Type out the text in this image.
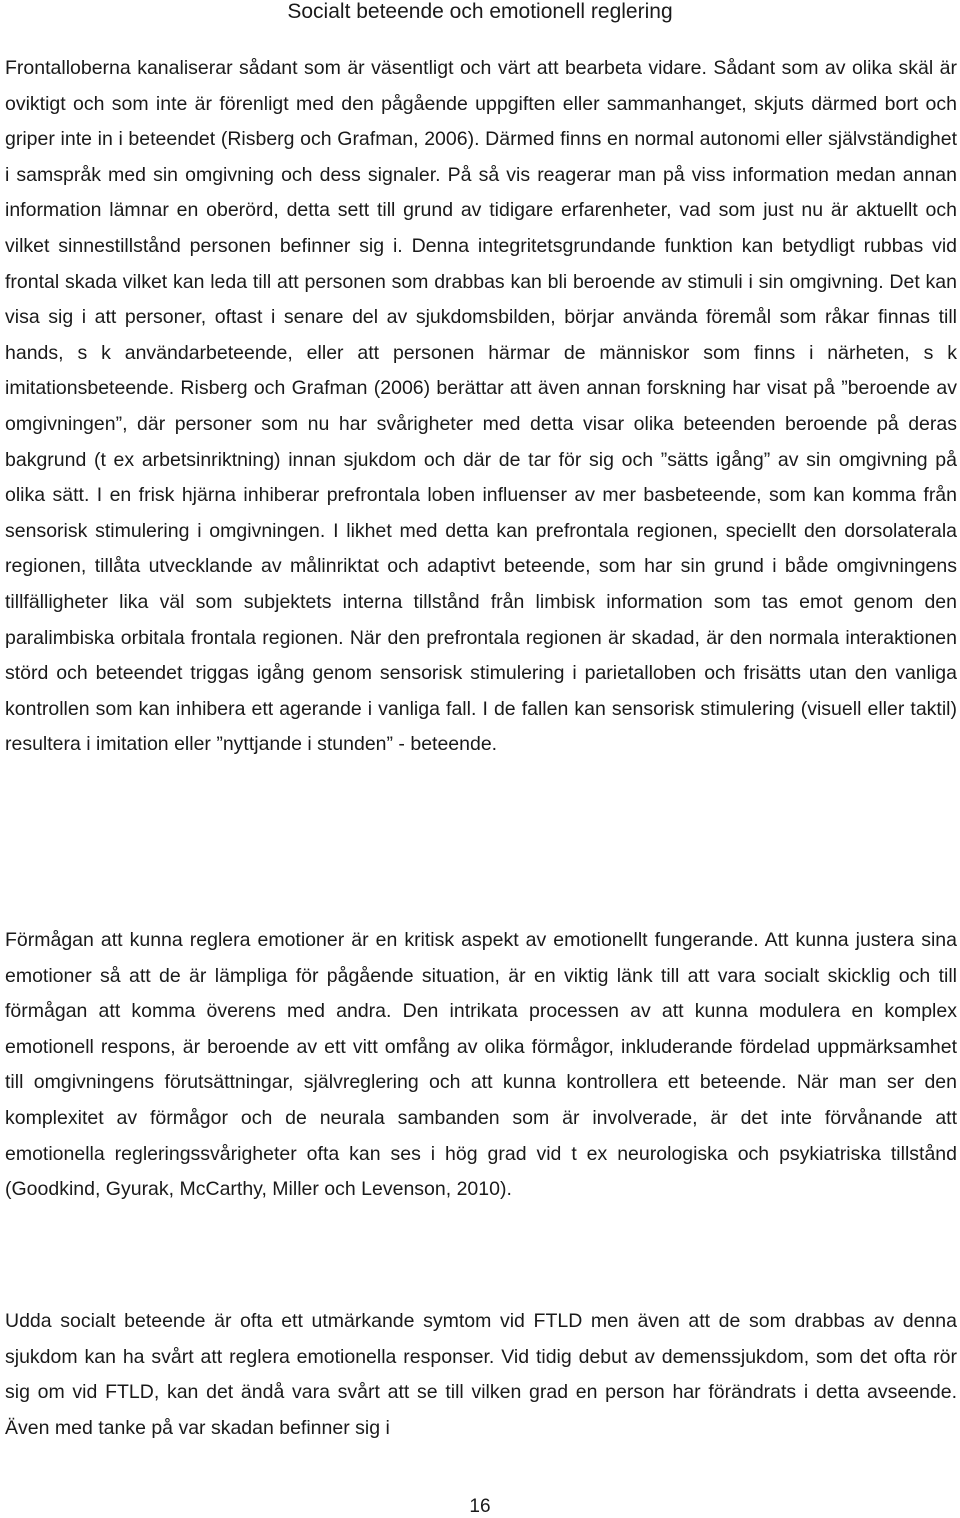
Socialt beteende och emotionell reglering

Frontalloberna kanaliserar sådant som är väsentligt och värt att bearbeta vidare. Sådant som av olika skäl är oviktigt och som inte är förenligt med den pågående uppgiften eller sammanhanget, skjuts därmed bort och griper inte in i beteendet (Risberg och Grafman, 2006). Därmed finns en normal autonomi eller självständighet i samspråk med sin omgivning och dess signaler. På så vis reagerar man på viss information medan annan information lämnar en oberörd, detta sett till grund av tidigare erfarenheter, vad som just nu är aktuellt och vilket sinnestillstånd personen befinner sig i. Denna integritetsgrundande funktion kan betydligt rubbas vid frontal skada vilket kan leda till att personen som drabbas kan bli beroende av stimuli i sin omgivning. Det kan visa sig i att personer, oftast i senare del av sjukdomsbilden, börjar använda föremål som råkar finnas till hands, s k användarbeteende, eller att personen härmar de människor som finns i närheten, s k imitationsbeteende. Risberg och Grafman (2006) berättar att även annan forskning har visat på ”beroende av omgivningen”, där personer som nu har svårigheter med detta visar olika beteenden beroende på deras bakgrund (t ex arbetsinriktning) innan sjukdom och där de tar för sig och ”sätts igång” av sin omgivning på olika sätt. I en frisk hjärna inhiberar prefrontala loben influenser av mer basbeteende, som kan komma från sensorisk stimulering i omgivningen. I likhet med detta kan prefrontala regionen, speciellt den dorsolaterala regionen, tillåta utvecklande av målinriktat och adaptivt beteende, som har sin grund i både omgivningens tillfälligheter lika väl som subjektets interna tillstånd från limbisk information som tas emot genom den paralimbiska orbitala frontala regionen. När den prefrontala regionen är skadad, är den normala interaktionen störd och beteendet triggas igång genom sensorisk stimulering i parietalloben och frisätts utan den vanliga kontrollen som kan inhibera ett agerande i vanliga fall. I de fallen kan sensorisk stimulering (visuell eller taktil) resultera i imitation eller ”nyttjande i stunden” - beteende.

Förmågan att kunna reglera emotioner är en kritisk aspekt av emotionellt fungerande. Att kunna justera sina emotioner så att de är lämpliga för pågående situation, är en viktig länk till att vara socialt skicklig och till förmågan att komma överens med andra. Den intrikata processen av att kunna modulera en komplex emotionell respons, är beroende av ett vitt omfång av olika förmågor, inkluderande fördelad uppmärksamhet till omgivningens förutsättningar, självreglering och att kunna kontrollera ett beteende. När man ser den komplexitet av förmågor och de neurala sambanden som är involverade, är det inte förvånande att emotionella regleringssvårigheter ofta kan ses i hög grad vid t ex neurologiska och psykiatriska tillstånd (Goodkind, Gyurak, McCarthy, Miller och Levenson, 2010).

Udda socialt beteende är ofta ett utmärkande symtom vid FTLD men även att de som drabbas av denna sjukdom kan ha svårt att reglera emotionella responser. Vid tidig debut av demenssjukdom, som det ofta rör sig om vid FTLD, kan det ändå vara svårt att se till vilken grad en person har förändrats i detta avseende. Även med tanke på var skadan befinner sig i

16
